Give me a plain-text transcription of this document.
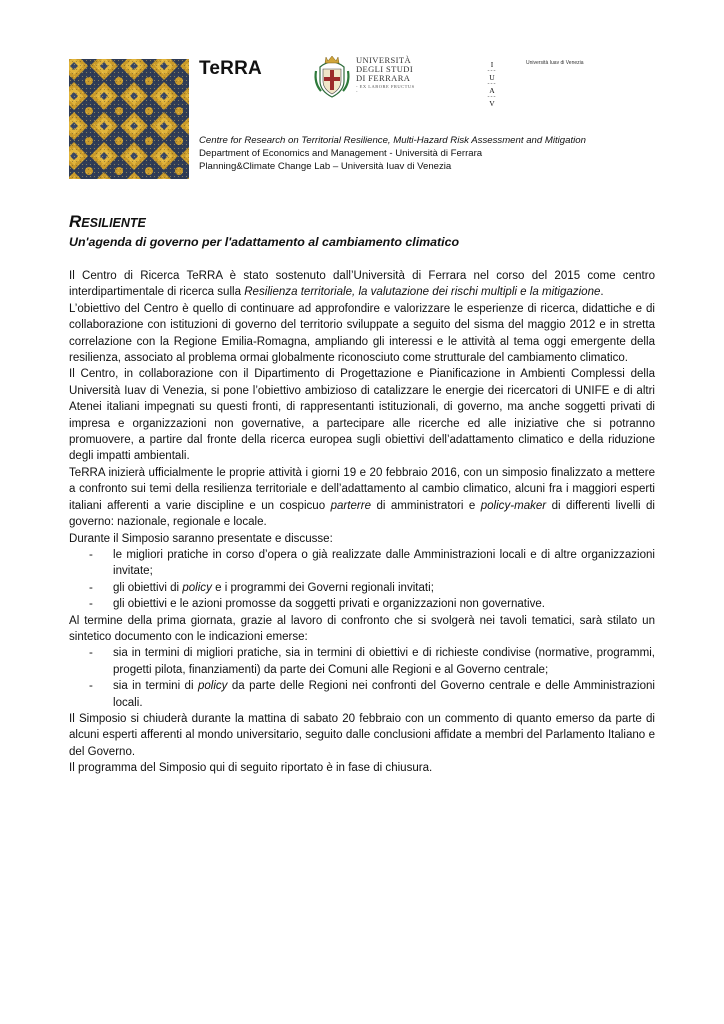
TeRRA	UNIVERSITÀ
DEGLI STUDI
DI FERRARA
- EX LABORE FRUCTUS -
I
---
U
---
A
---
V
Università Iuav di Venezia
Centre for Research on Territorial Resilience, Multi-Hazard Risk Assessment and Mitigation
Department of Economics and Management - Università di Ferrara
Planning&Climate Change Lab – Università Iuav di Venezia
RESILIENTE
Un'agenda di governo per l'adattamento al cambiamento climatico

Il Centro di Ricerca TeRRA è stato sostenuto dall’Università di Ferrara nel corso del 2015 come centro interdipartimentale di ricerca sulla Resilienza territoriale, la valutazione dei rischi multipli e la mitigazione.

L’obiettivo del Centro è quello di continuare ad approfondire e valorizzare le esperienze di ricerca, didattiche e di collaborazione con istituzioni di governo del territorio sviluppate a seguito del sisma del maggio 2012 e in stretta correlazione con la Regione Emilia-Romagna, ampliando gli interessi e le attività al tema oggi emergente della resilienza, associato al problema ormai globalmente riconosciuto come strutturale del cambiamento climatico.

Il Centro, in collaborazione con il Dipartimento di Progettazione e Pianificazione in Ambienti Complessi della Università Iuav di Venezia, si pone l’obiettivo ambizioso di catalizzare le energie dei ricercatori di UNIFE e di altri Atenei italiani impegnati su questi fronti, di rappresentanti istituzionali, di governo, ma anche soggetti privati di impresa e organizzazioni non governative, a partecipare alle ricerche ed alle iniziative che si potranno promuovere, a partire dal fronte della ricerca europea sugli obiettivi dell’adattamento climatico e della riduzione degli impatti ambientali.

TeRRA inizierà ufficialmente le proprie attività i giorni 19 e 20 febbraio 2016, con un simposio finalizzato a mettere a confronto sui temi della resilienza territoriale e dell’adattamento al cambio climatico, alcuni fra i maggiori esperti italiani afferenti a varie discipline e un cospicuo parterre di amministratori e policy-maker di differenti livelli di governo: nazionale, regionale e locale.

Durante il Simposio saranno presentate e discusse:

- le migliori pratiche in corso d’opera o già realizzate dalle Amministrazioni locali e di altre organizzazioni invitate;
- gli obiettivi di policy e i programmi dei Governi regionali invitati;
- gli obiettivi e le azioni promosse da soggetti privati e organizzazioni non governative.

Al termine della prima giornata, grazie al lavoro di confronto che si svolgerà nei tavoli tematici, sarà stilato un sintetico documento con le indicazioni emerse:

- sia in termini di migliori pratiche, sia in termini di obiettivi e di richieste condivise (normative, programmi, progetti pilota, finanziamenti) da parte dei Comuni alle Regioni e al Governo centrale;
- sia in termini di policy da parte delle Regioni nei confronti del Governo centrale e delle Amministrazioni locali.

Il Simposio si chiuderà durante la mattina di sabato 20 febbraio con un commento di quanto emerso da parte di alcuni esperti afferenti al mondo universitario, seguito dalle conclusioni affidate a membri del Parlamento Italiano e del Governo.

Il programma del Simposio qui di seguito riportato è in fase di chiusura.
